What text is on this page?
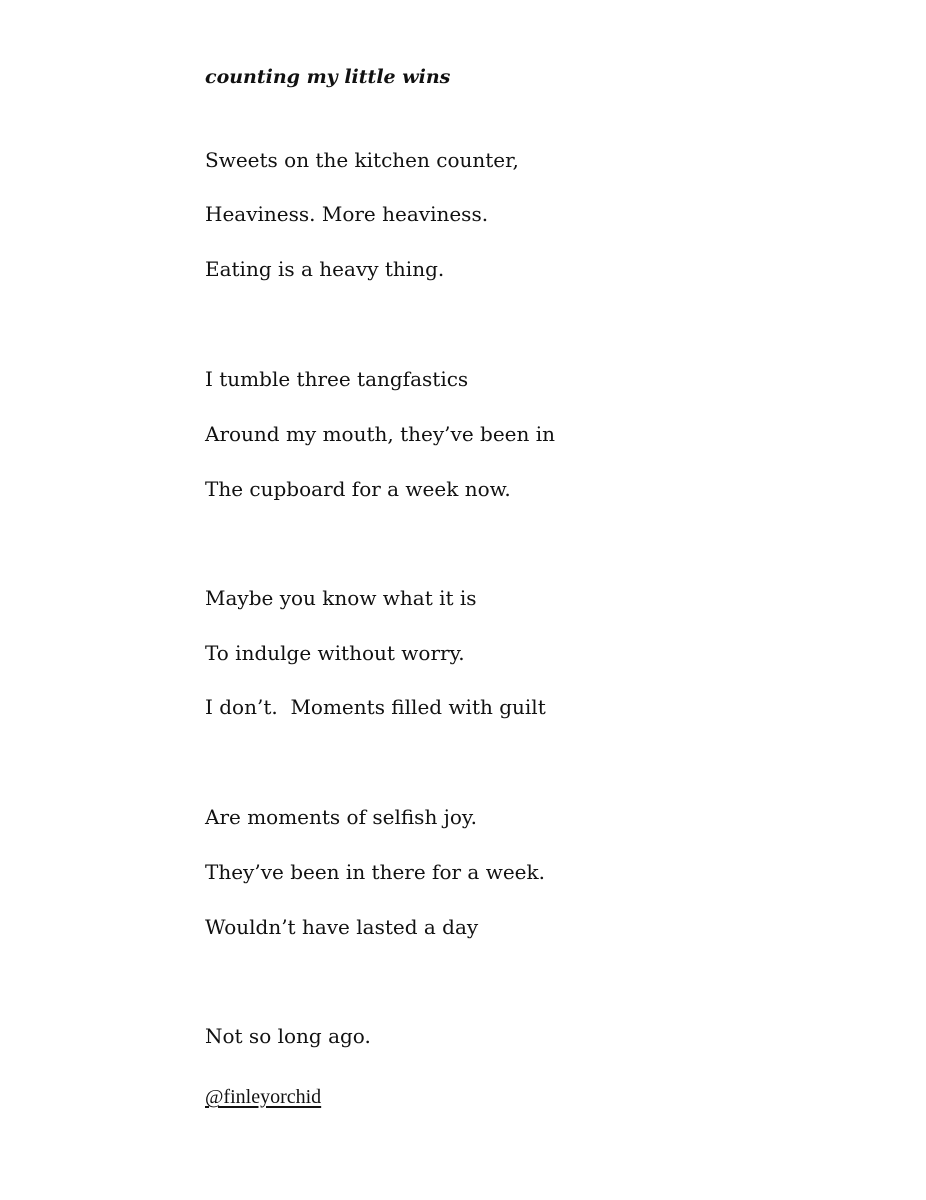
counting my little wins

Sweets on the kitchen counter,

Heaviness. More heaviness.

Eating is a heavy thing.

I tumble three tangfastics

Around my mouth, they’ve been in

The cupboard for a week now.

Maybe you know what it is

To indulge without worry.

I don’t.  Moments filled with guilt

Are moments of selfish joy.

They’ve been in there for a week.

Wouldn’t have lasted a day

Not so long ago.

@finleyorchid
